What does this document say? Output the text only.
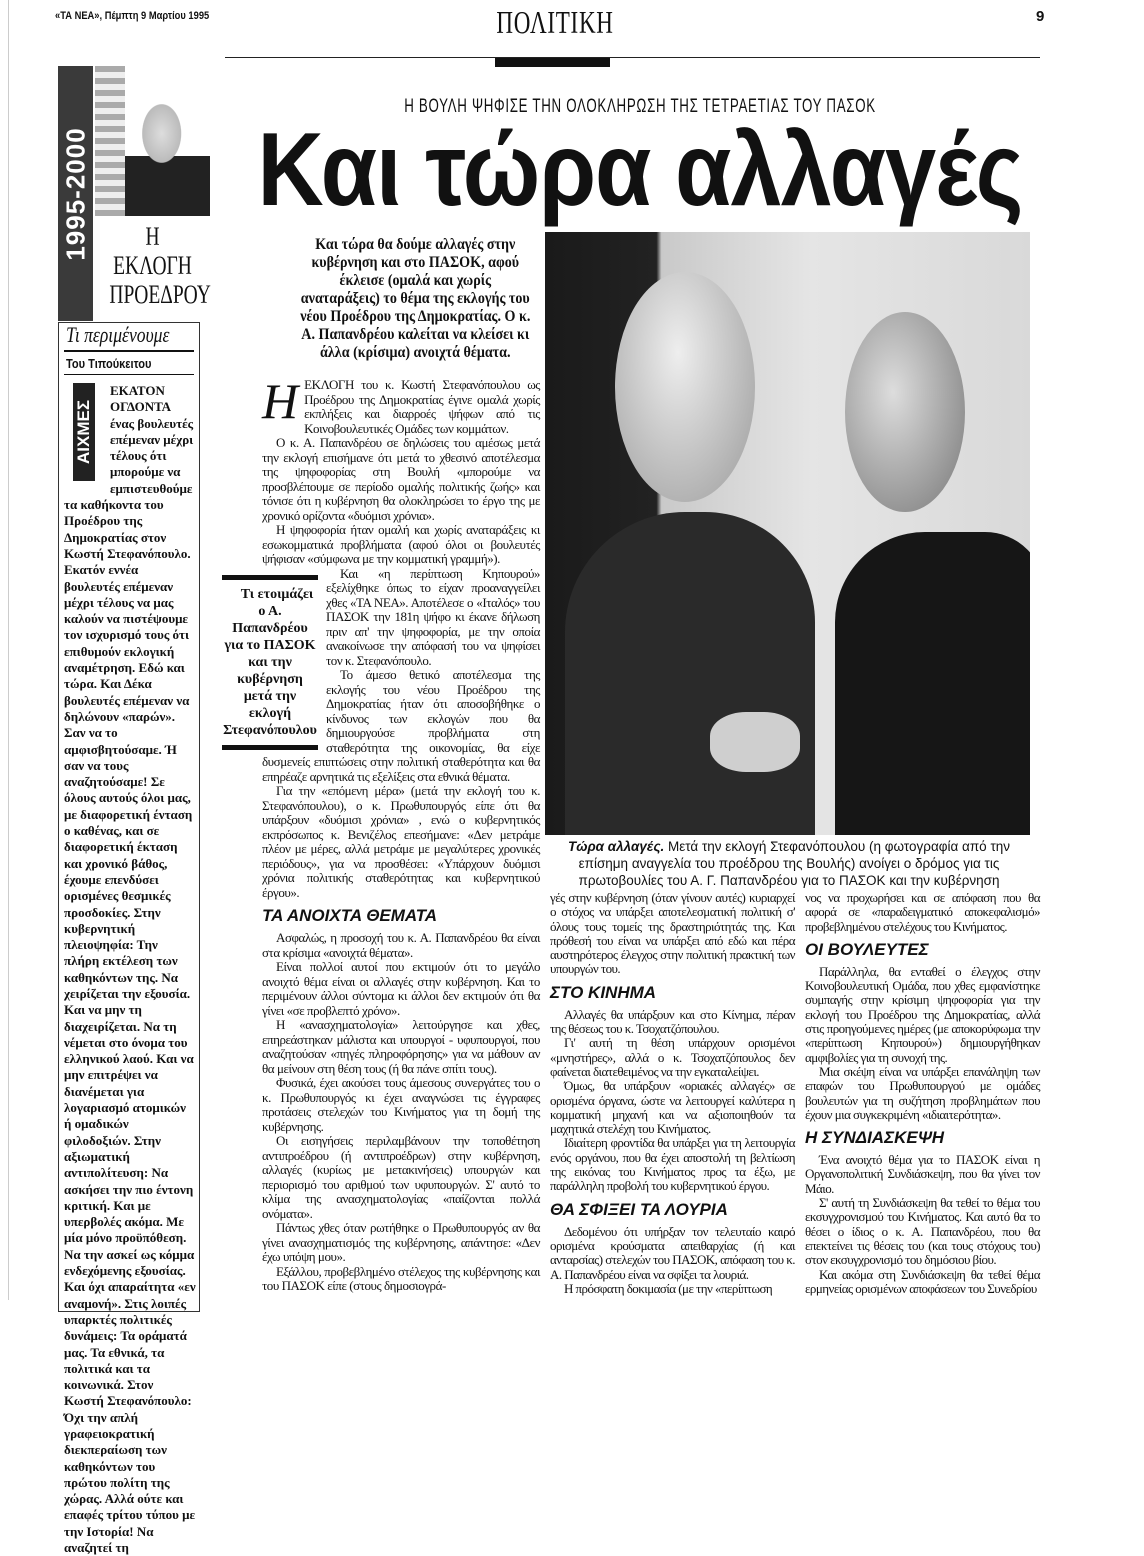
«ΤΑ ΝΕΑ», Πέμπτη 9 Μαρτίου 1995	ΠΟΛΙΤΙΚΗ	9
1995-2000	Η ΕΚΛΟΓΗ ΠΡΟΕΔΡΟΥ
Τι περιμένουμε
Του Τιπούκειτου
ΕΚΑΤΟΝ ΟΓΔΟΝΤΑ ένας βουλευτές επέμεναν μέχρι τέλους ότι μπορούμε να εμπιστευθούμε τα καθήκοντα του Προέδρου της Δημοκρατίας στον Κωστή Στεφανόπουλο. Εκατόν εννέα βουλευτές επέμεναν μέχρι τέλους να μας καλούν να πιστέψουμε τον ισχυρισμό τους ότι επιθυμούν εκλογική αναμέτρηση. Εδώ και τώρα. Και Δέκα βουλευτές επέμεναν να δηλώνουν «παρών». Σαν να το αμφισβητούσαμε. Ή σαν να τους αναζητούσαμε! Σε όλους αυτούς όλοι μας, με διαφορετική ένταση ο καθένας, και σε διαφορετική έκταση και χρονικό βάθος, έχουμε επενδύσει ορισμένες θεσμικές προσδοκίες. Στην κυβερνητική πλειοψηφία: Την πλήρη εκτέλεση των καθηκόντων της. Να χειρίζεται την εξουσία. Και να μην τη διαχειρίζεται. Να τη νέμεται στο όνομα του ελληνικού λαού. Και να μην επιτρέψει να διανέμεται για λογαριασμό ατομικών ή ομαδικών φιλοδοξιών. Στην αξιωματική αντιπολίτευση: Να ασκήσει την πιο έντονη κριτική. Και με υπερβολές ακόμα. Με μία μόνο προϋπόθεση. Να την ασκεί ως κόμμα ενδεχόμενης εξουσίας. Και όχι απαραίτητα «εν αναμονή». Στις λοιπές υπαρκτές πολιτικές δυνάμεις: Τα οράματά μας. Τα εθνικά, τα πολιτικά και τα κοινωνικά. Στον Κωστή Στεφανόπουλο: Όχι την απλή γραφειοκρατική διεκπεραίωση των καθηκόντων του πρώτου πολίτη της χώρας. Αλλά ούτε και επαφές τρίτου τύπου με την Ιστορία! Να αναζητεί τη
ΑΙΧΜΕΣ
Η ΒΟΥΛΗ ΨΗΦΙΣΕ ΤΗΝ ΟΛΟΚΛΗΡΩΣΗ ΤΗΣ ΤΕΤΡΑΕΤΙΑΣ ΤΟΥ ΠΑΣΟΚ
Και τώρα αλλαγές
Και τώρα θα δούμε αλλαγές στην κυβέρνηση και στο ΠΑΣΟΚ, αφού έκλεισε (ομαλά και χωρίς αναταράξεις) το θέμα της εκλογής του νέου Προέδρου της Δημοκρατίας. Ο κ. Α. Παπανδρέου καλείται να κλείσει κι άλλα (κρίσιμα) ανοιχτά θέματα.
Τώρα αλλαγές. Μετά την εκλογή Στεφανόπουλου (η φωτογραφία από την επίσημη αναγγελία του προέδρου της Βουλής) ανοίγει ο δρόμος για τις πρωτοβουλίες του Α. Γ. Παπανδρέου για το ΠΑΣΟΚ και την κυβέρνηση

ΗΕΚΛΟΓΗ του κ. Κωστή Στεφανόπουλου ως Προέδρου της Δημοκρατίας έγινε ομαλά χωρίς εκπλήξεις και διαρροές ψήφων από τις Κοινοβουλευτικές Ομάδες των κομμάτων.

Ο κ. Α. Παπανδρέου σε δηλώσεις του αμέσως μετά την εκλογή επισήμανε ότι μετά το χθεσινό αποτέλεσμα της ψηφοφορίας στη Βουλή «μπορούμε να προσβλέπουμε σε περίοδο ομαλής πολιτικής ζωής» και τόνισε ότι η κυβέρνηση θα ολοκληρώσει το έργο της με χρονικό ορίζοντα «δυόμισι χρόνια».

Η ψηφοφορία ήταν ομαλή και χωρίς αναταράξεις κι εσωκομματικά προβλήματα (αφού όλοι οι βουλευτές ψήφισαν «σύμφωνα με την κομματική γραμμή»).

Τι ετοιμάζει ο Α. Παπανδρέου για το ΠΑΣΟΚ και την κυβέρνηση μετά την εκλογή Στεφανόπουλου
Και «η περίπτωση Κηπουρού» εξελίχθηκε όπως το είχαν προαναγγείλει χθες «ΤΑ ΝΕΑ». Αποτέλεσε ο «Ιταλός» του ΠΑΣΟΚ την 181η ψήφο κι έκανε δήλωση πριν απ' την ψηφοφορία, με την οποία ανακοίνωσε την απόφασή του να ψηφίσει τον κ. Στεφανόπουλο.

Το άμεσο θετικό αποτέλεσμα της εκλογής του νέου Προέδρου της Δημοκρατίας ήταν ότι αποσοβήθηκε ο κίνδυνος των εκλογών που θα δημιουργούσε προβλήματα στη σταθερότητα της οικονομίας, θα είχε δυσμενείς επιπτώσεις στην πολιτική σταθερότητα και θα επηρέαζε αρνητικά τις εξελίξεις στα εθνικά θέματα.

Για την «επόμενη μέρα» (μετά την εκλογή του κ. Στεφανόπουλου), ο κ. Πρωθυπουργός είπε ότι θα υπάρξουν «δυόμισι χρόνια» , ενώ ο κυβερνητικός εκπρόσωπος κ. Βενιζέλος επεσήμανε: «Δεν μετράμε πλέον με μέρες, αλλά μετράμε με μεγαλύτερες χρονικές περιόδους», για να προσθέσει: «Υπάρχουν δυόμισι χρόνια πολιτικής σταθερότητας και κυβερνητικού έργου».

ΤΑ ΑΝΟΙΧΤΑ ΘΕΜΑΤΑ

Ασφαλώς, η προσοχή του κ. Α. Παπανδρέου θα είναι στα κρίσιμα «ανοιχτά θέματα».

Είναι πολλοί αυτοί που εκτιμούν ότι το μεγάλο ανοιχτό θέμα είναι οι αλλαγές στην κυβέρνηση. Και το περιμένουν άλλοι σύντομα κι άλλοι δεν εκτιμούν ότι θα γίνει «σε προβλεπτό χρόνο».

Η «ανασχηματολογία» λειτούργησε και χθες, επηρεάστηκαν μάλιστα και υπουργοί - υφυπουργοί, που αναζητούσαν «πηγές πληροφόρησης» για να μάθουν αν θα μείνουν στη θέση τους (ή θα πάνε σπίτι τους).

Φυσικά, έχει ακούσει τους άμεσους συνεργάτες του ο κ. Πρωθυπουργός κι έχει αναγνώσει τις έγγραφες προτάσεις στελεχών του Κινήματος για τη δομή της κυβέρνησης.

Οι εισηγήσεις περιλαμβάνουν την τοποθέτηση αντιπροέδρου (ή αντιπροέδρων) στην κυβέρνηση, αλλαγές (κυρίως με μετακινήσεις) υπουργών και περιορισμό του αριθμού των υφυπουργών. Σ' αυτό το κλίμα της ανασχηματολογίας «παίζονται πολλά ονόματα».

Πάντως χθες όταν ρωτήθηκε ο Πρωθυπουργός αν θα γίνει ανασχηματισμός της κυβέρνησης, απάντησε: «Δεν έχω υπόψη μου».

Εξάλλου, προβεβλημένο στέλεχος της κυβέρνησης και του ΠΑΣΟΚ είπε (στους δημοσιογρά-

γές στην κυβέρνηση (όταν γίνουν αυτές) κυριαρχεί ο στόχος να υπάρξει αποτελεσματική πολιτική σ' όλους τους τομείς της δραστηριότητάς της. Και πρόθεσή του είναι να υπάρξει από εδώ και πέρα αυστηρότερος έλεγχος στην πολιτική πρακτική των υπουργών του.

ΣΤΟ ΚΙΝΗΜΑ

Αλλαγές θα υπάρξουν και στο Κίνημα, πέραν της θέσεως του κ. Τσοχατζόπουλου.

Γι' αυτή τη θέση υπάρχουν ορισμένοι «μνηστήρες», αλλά ο κ. Τσοχατζόπουλος δεν φαίνεται διατεθειμένος να την εγκαταλείψει.

Όμως, θα υπάρξουν «οριακές αλλαγές» σε ορισμένα όργανα, ώστε να λειτουργεί καλύτερα η κομματική μηχανή και να αξιοποιηθούν τα μαχητικά στελέχη του Κινήματος.

Ιδιαίτερη φροντίδα θα υπάρξει για τη λειτουργία ενός οργάνου, που θα έχει αποστολή τη βελτίωση της εικόνας του Κινήματος προς τα έξω, με παράλληλη προβολή του κυβερνητικού έργου.

ΘΑ ΣΦΙΞΕΙ ΤΑ ΛΟΥΡΙΑ

Δεδομένου ότι υπήρξαν τον τελευταίο καιρό ορισμένα κρούσματα απειθαρχίας (ή και ανταρσίας) στελεχών του ΠΑΣΟΚ, απόφαση του κ. Α. Παπανδρέου είναι να σφίξει τα λουριά.

Η πρόσφατη δοκιμασία (με την «περίπτωση

νος να προχωρήσει και σε απόφαση που θα αφορά σε «παραδειγματικό αποκεφαλισμό» προβεβλημένου στελέχους του Κινήματος.

ΟΙ ΒΟΥΛΕΥΤΕΣ

Παράλληλα, θα ενταθεί ο έλεγχος στην Κοινοβουλευτική Ομάδα, που χθες εμφανίστηκε συμπαγής στην κρίσιμη ψηφοφορία για την εκλογή του Προέδρου της Δημοκρατίας, αλλά στις προηγούμενες ημέρες (με αποκορύφωμα την «περίπτωση Κηπουρού») δημιουργήθηκαν αμφιβολίες για τη συνοχή της.

Μια σκέψη είναι να υπάρξει επανάληψη των επαφών του Πρωθυπουργού με ομάδες βουλευτών για τη συζήτηση προβλημάτων που έχουν μια συγκεκριμένη «ιδιαιτερότητα».

Η ΣΥΝΔΙΑΣΚΕΨΗ

Ένα ανοιχτό θέμα για το ΠΑΣΟΚ είναι η Οργανοπολιτική Συνδιάσκεψη, που θα γίνει τον Μάιο.

Σ' αυτή τη Συνδιάσκεψη θα τεθεί το θέμα του εκσυγχρονισμού του Κινήματος. Και αυτό θα το θέσει ο ίδιος ο κ. Α. Παπανδρέου, που θα επεκτείνει τις θέσεις του (και τους στόχους του) στον εκσυγχρονισμό του δημόσιου βίου.

Και ακόμα στη Συνδιάσκεψη θα τεθεί θέμα ερμηνείας ορισμένων αποφάσεων του Συνεδρίου
